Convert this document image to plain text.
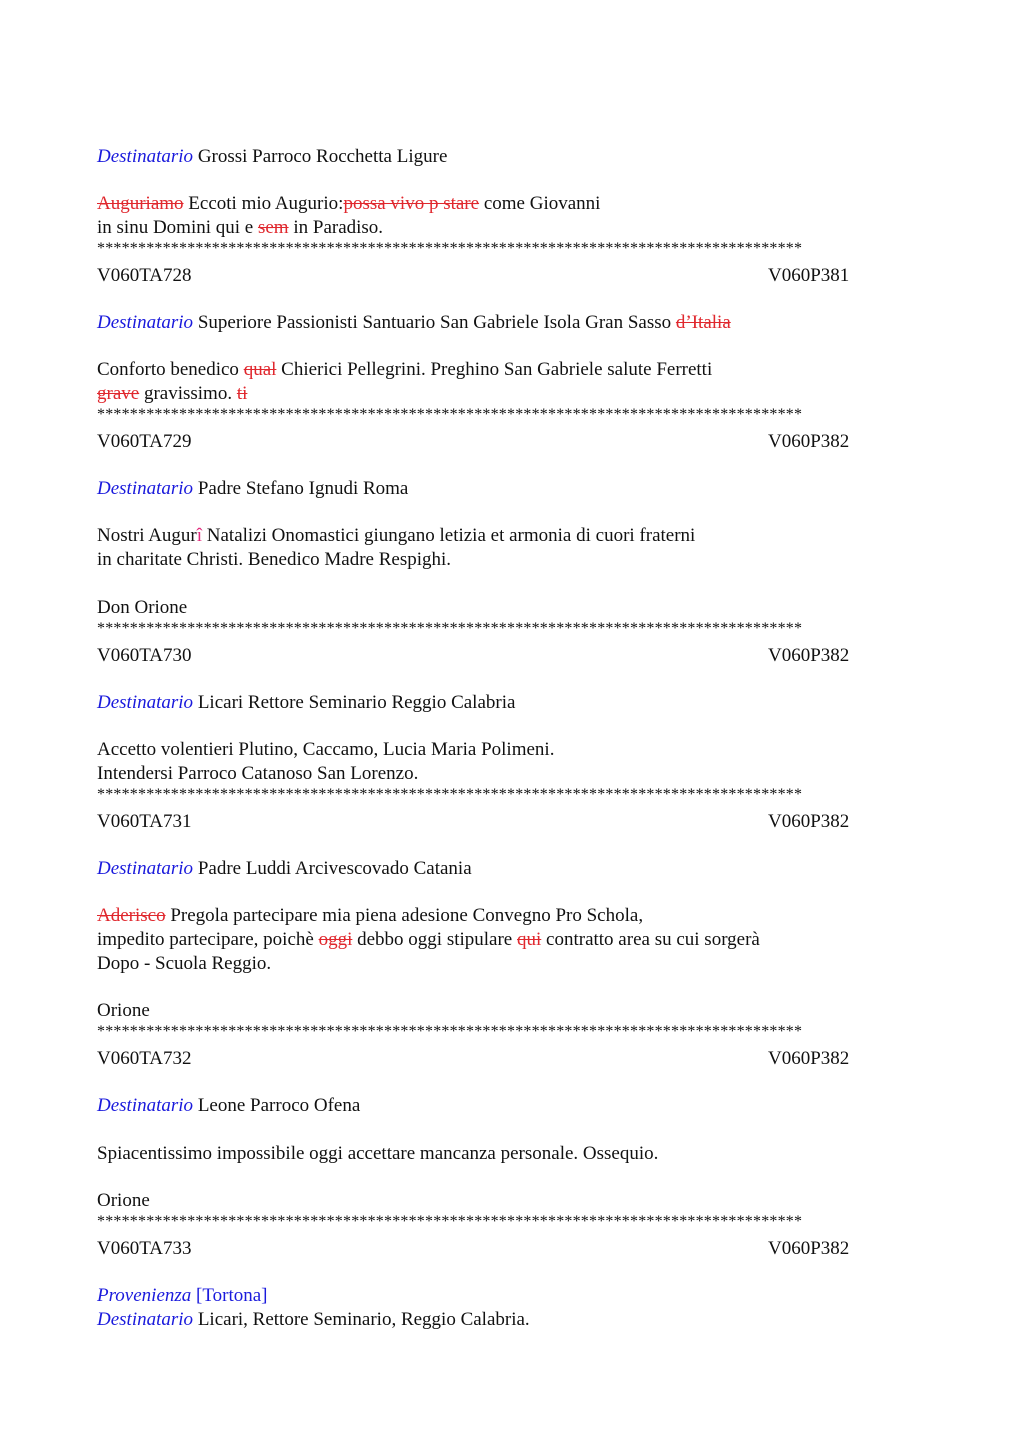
Destinatario Grossi Parroco Rocchetta Ligure
Auguriamo Eccoti mio Augurio:possa vivo p stare come Giovanni
in sinu Domini qui e sem in Paradiso.
**************************************************************************************
V060TA728	V060P381
Destinatario Superiore Passionisti Santuario San Gabriele Isola Gran Sasso d’Italia
Conforto benedico qual Chierici Pellegrini. Preghino San Gabriele salute Ferretti
grave gravissimo. ti
**************************************************************************************
V060TA729	V060P382
Destinatario Padre Stefano Ignudi Roma
Nostri Augurî Natalizi Onomastici giungano letizia et armonia di cuori fraterni
in charitate Christi. Benedico Madre Respighi.
Don Orione
**************************************************************************************
V060TA730	V060P382
Destinatario Licari Rettore Seminario Reggio Calabria
Accetto volentieri Plutino, Caccamo, Lucia Maria Polimeni.
Intendersi Parroco Catanoso San Lorenzo.
**************************************************************************************
V060TA731	V060P382
Destinatario Padre Luddi Arcivescovado Catania
Aderisco Pregola partecipare mia piena adesione Convegno Pro Schola,
impedito partecipare, poichè oggi debbo oggi stipulare qui contratto area su cui sorgerà
Dopo - Scuola Reggio.
Orione
**************************************************************************************
V060TA732	V060P382
Destinatario Leone Parroco Ofena
Spiacentissimo impossibile oggi accettare mancanza personale. Ossequio.
Orione
**************************************************************************************
V060TA733	V060P382
Provenienza [Tortona]
Destinatario Licari, Rettore Seminario, Reggio Calabria.
